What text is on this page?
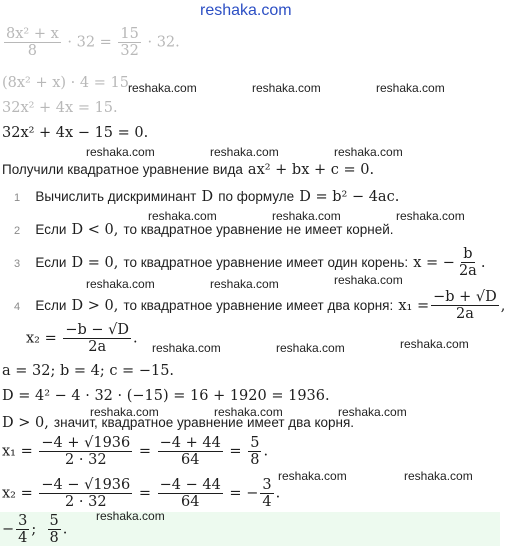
reshaka.com
$\frac{\text{8x² + x}}{8} \cdot 32 = \frac{15}{32} \cdot 32$.
(8x² + x) · 4 = 15.
32x² + 4x = 15.
32x² + 4x − 15 = 0.
Получили квадратное уравнение вида ax² + bx + c = 0.
1 Вычислить дискриминант D по формуле D = b² − 4ac.
2 Если D < 0, то квадратное уравнение не имеет корней.
3 Если D = 0, то квадратное уравнение имеет один корень: x = − $\frac{b}{2a}$ .
4 Если D > 0, то квадратное уравнение имеет два корня: $x_1 = \frac{-b + √D}{2a}$ ,
$x_2 = \frac{-b - √D}{2a}$ .
a = 32; b = 4; c = −15.
D = 4² − 4 · 32 · (−15) = 16 + 1920 = 1936.
D > 0, значит, квадратное уравнение имеет два корня.
$x_1 = \frac{-4 + √1936}{2 \cdot 32} = \frac{-4 + 44}{64} = \frac{5}{8}$ .
$x_2 = \frac{-4 - √1936}{2 \cdot 32} = \frac{-4 - 44}{64}$ = − $\frac{3}{4}$ .
− $\frac{3}{4}$ ; $\frac{5}{8}$ .
reshaka.com	reshaka.com	reshaka.com
reshaka.com	reshaka.com	reshaka.com
reshaka.com	reshaka.com	reshaka.com
reshaka.com
reshaka.com	reshaka.com
reshaka.com
reshaka.com	reshaka.com
reshaka.com	reshaka.com	reshaka.com
reshaka.com	reshaka.com
reshaka.com
